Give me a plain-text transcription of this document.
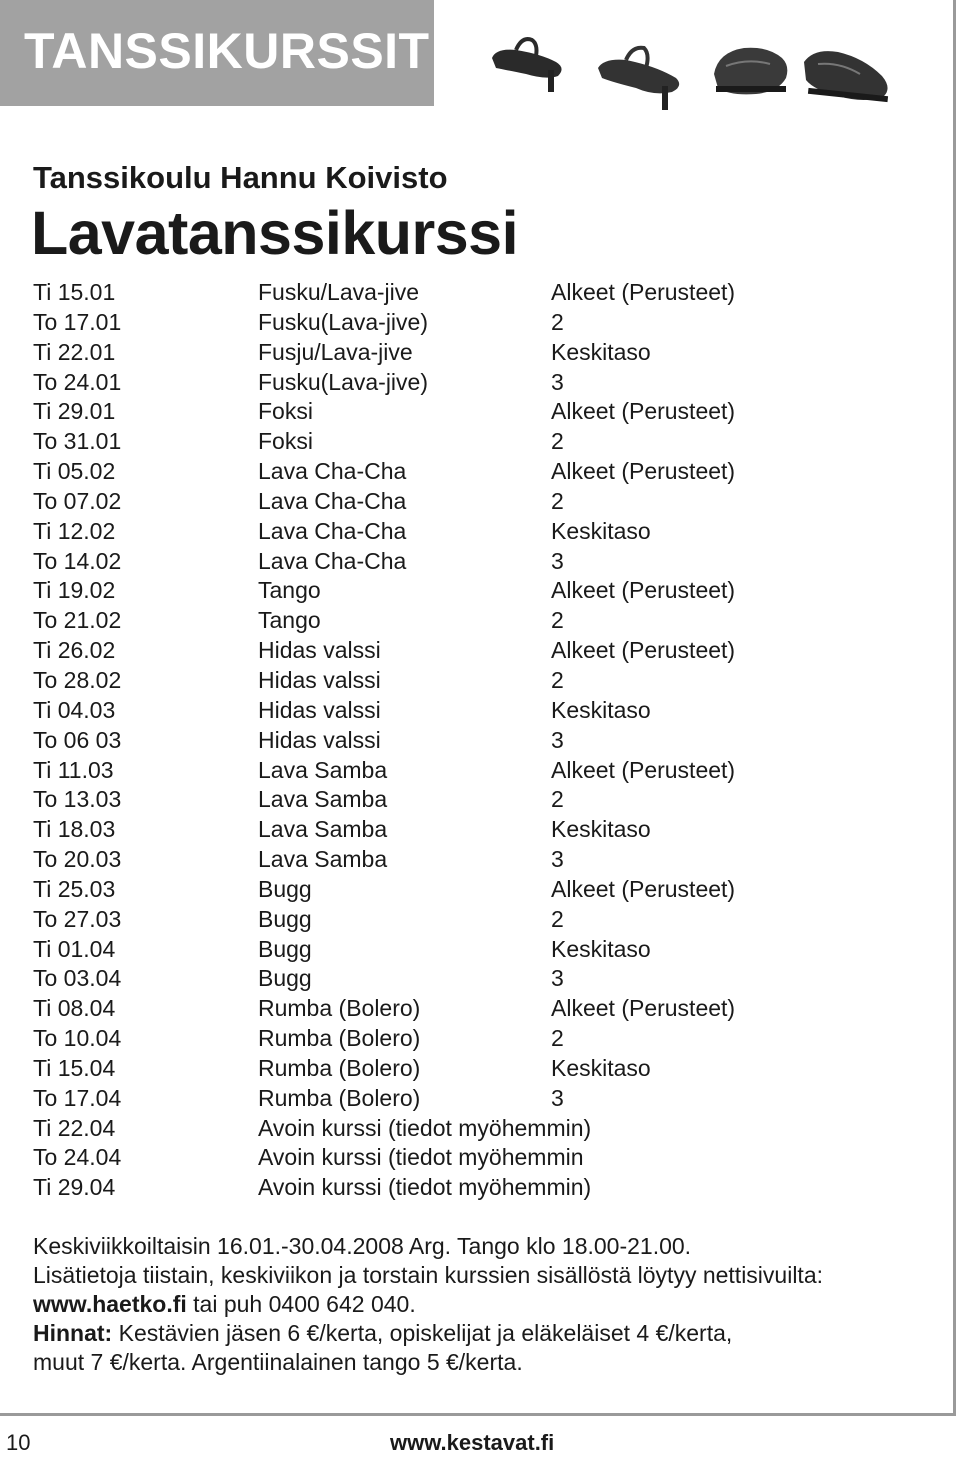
TANSSIKURSSIT
Tanssikoulu Hannu Koivisto
Lavatanssikurssi
Ti 15.01	Fusku/Lava-jive	Alkeet (Perusteet)
To 17.01	Fusku(Lava-jive)	2
Ti 22.01	Fusju/Lava-jive	Keskitaso
To 24.01	Fusku(Lava-jive)	3
Ti 29.01	Foksi	Alkeet (Perusteet)
To 31.01	Foksi	2
Ti 05.02	Lava Cha-Cha	Alkeet (Perusteet)
To 07.02	Lava Cha-Cha	2
Ti 12.02	Lava Cha-Cha	Keskitaso
To 14.02	Lava Cha-Cha	3
Ti 19.02	Tango	Alkeet (Perusteet)
To 21.02	Tango	2
Ti 26.02	Hidas valssi	Alkeet (Perusteet)
To 28.02	Hidas valssi	2
Ti 04.03	Hidas valssi	Keskitaso
To 06 03	Hidas valssi	3
Ti 11.03	Lava Samba	Alkeet (Perusteet)
To 13.03	Lava Samba	2
Ti 18.03	Lava Samba	Keskitaso
To 20.03	Lava Samba	3
Ti 25.03	Bugg	Alkeet (Perusteet)
To 27.03	Bugg	2
Ti 01.04	Bugg	Keskitaso
To 03.04	Bugg	3
Ti 08.04	Rumba (Bolero)	Alkeet (Perusteet)
To 10.04	Rumba (Bolero)	2
Ti 15.04	Rumba (Bolero)	Keskitaso
To 17.04	Rumba (Bolero)	3
Ti 22.04	Avoin kurssi (tiedot myöhemmin)
To 24.04	Avoin kurssi (tiedot myöhemmin
Ti 29.04	Avoin kurssi (tiedot myöhemmin)
Keskiviikkoiltaisin 16.01.-30.04.2008 Arg. Tango klo 18.00-21.00.
Lisätietoja tiistain, keskiviikon ja torstain kurssien sisällöstä löytyy nettisivuilta:
www.haetko.fi tai puh 0400 642 040.
Hinnat: Kestävien jäsen 6 €/kerta, opiskelijat ja eläkeläiset 4 €/kerta,
muut 7 €/kerta. Argentiinalainen tango 5 €/kerta.
10	www.kestavat.fi
